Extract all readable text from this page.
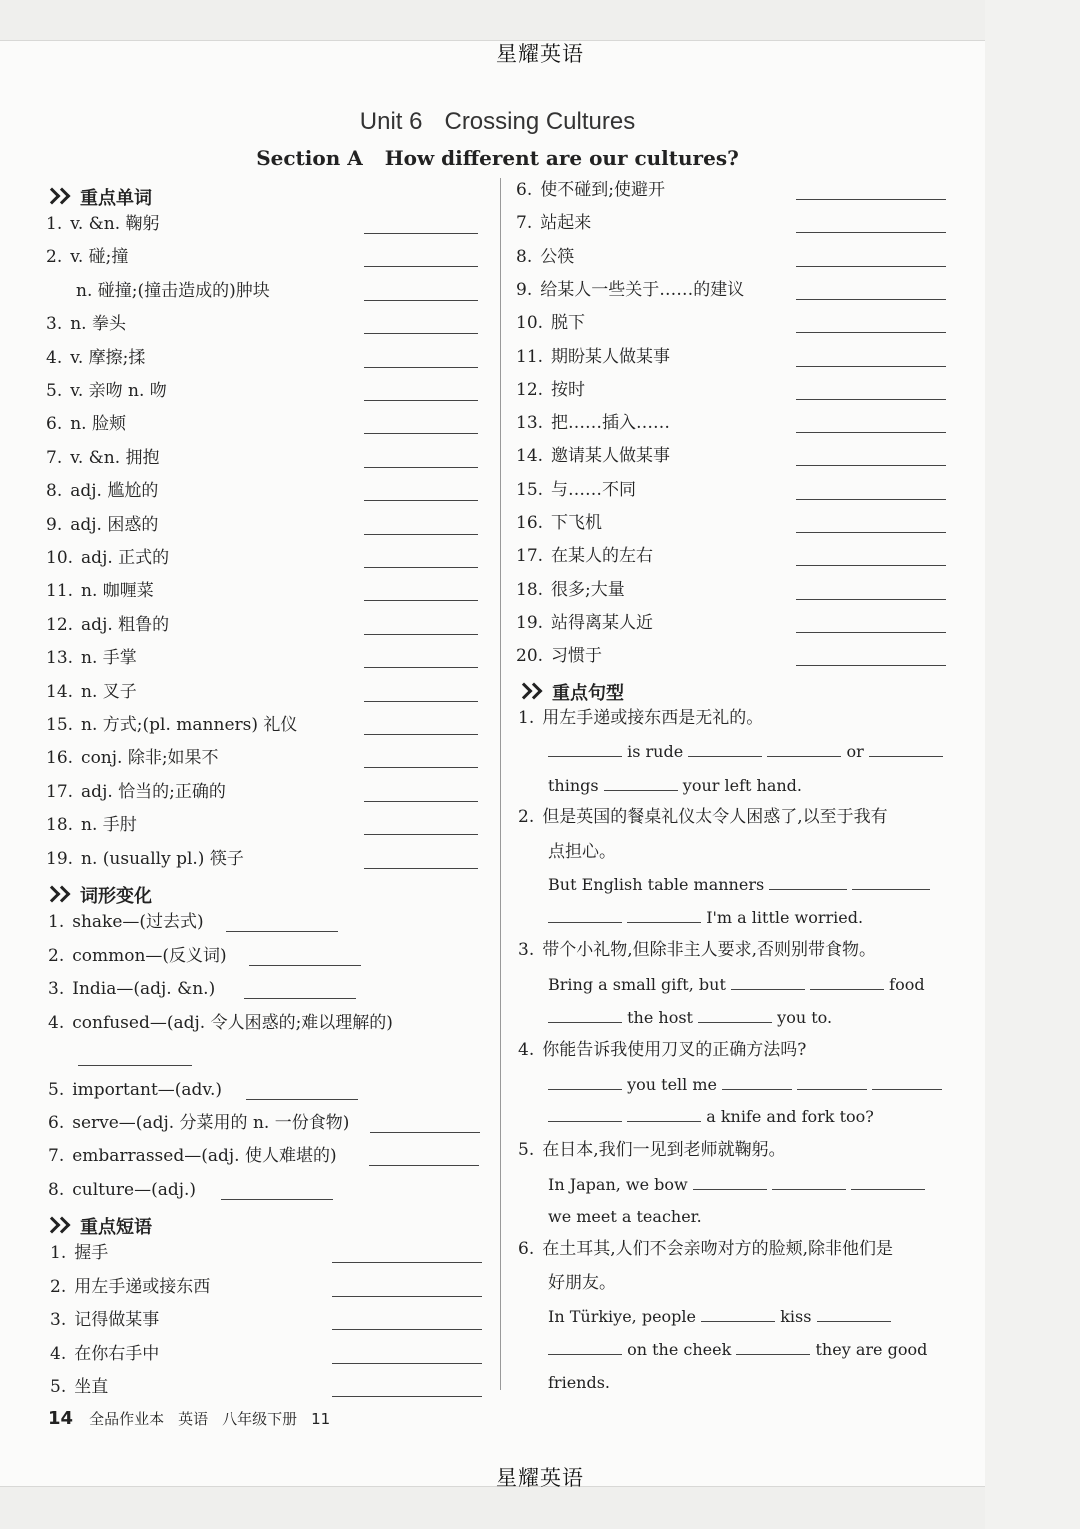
星耀英语
星耀英语
Unit 6 Crossing Cultures
Section A How different are our cultures?
重点单词
1. v. &n. 鞠躬
2. v. 碰;撞
n. 碰撞;(撞击造成的)肿块
3. n. 拳头
4. v. 摩擦;揉
5. v. 亲吻 n. 吻
6. n. 脸颊
7. v. &n. 拥抱
8. adj. 尴尬的
9. adj. 困惑的
10. adj. 正式的
11. n. 咖喱菜
12. adj. 粗鲁的
13. n. 手掌
14. n. 叉子
15. n. 方式;(pl. manners) 礼仪
16. conj. 除非;如果不
17. adj. 恰当的;正确的
18. n. 手肘
19. n. (usually pl.) 筷子
词形变化
1. shake—(过去式)
2. common—(反义词)
3. India—(adj. &n.)
4. confused—(adj. 令人困惑的;难以理解的)
5. important—(adv.)
6. serve—(adj. 分菜用的 n. 一份食物)
7. embarrassed—(adj. 使人难堪的)
8. culture—(adj.)
重点短语
1. 握手
2. 用左手递或接东西
3. 记得做某事
4. 在你右手中
5. 坐直
6. 使不碰到;使避开
7. 站起来
8. 公筷
9. 给某人一些关于……的建议
10. 脱下
11. 期盼某人做某事
12. 按时
13. 把……插入……
14. 邀请某人做某事
15. 与……不同
16. 下飞机
17. 在某人的左右
18. 很多;大量
19. 站得离某人近
20. 习惯于
重点句型
1. 用左手递或接东西是无礼的。
is rude	or
things	your left hand.
2. 但是英国的餐桌礼仪太令人困惑了,以至于我有
点担心。
But English table manners
I'm a little worried.
3. 带个小礼物,但除非主人要求,否则别带食物。
Bring a small gift, but	food
the host	you to.
4. 你能告诉我使用刀叉的正确方法吗?
you tell me
a knife and fork too?
5. 在日本,我们一见到老师就鞠躬。
In Japan, we bow
we meet a teacher.
6. 在土耳其,人们不会亲吻对方的脸颊,除非他们是
好朋友。
In Türkiye, people	kiss
on the cheek	they are good
friends.
14 全品作业本 英语 八年级下册 11
